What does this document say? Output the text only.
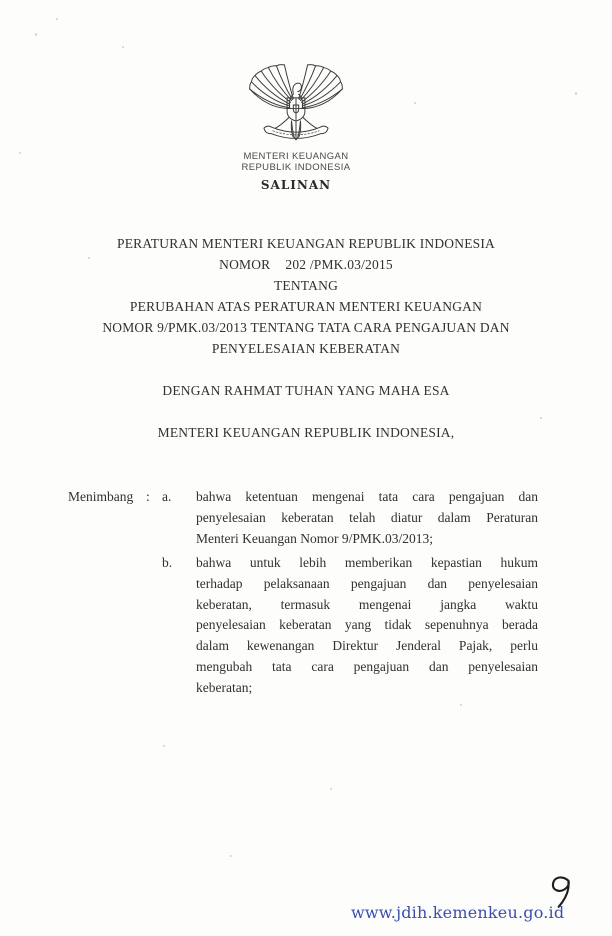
MENTERI KEUANGAN
REPUBLIK INDONESIA
SALINAN
PERATURAN MENTERI KEUANGAN REPUBLIK INDONESIA
NOMOR 202 /PMK.03/2015
TENTANG
PERUBAHAN ATAS PERATURAN MENTERI KEUANGAN
NOMOR 9/PMK.03/2013 TENTANG TATA CARA PENGAJUAN DAN
PENYELESAIAN KEBERATAN
DENGAN RAHMAT TUHAN YANG MAHA ESA
MENTERI KEUANGAN REPUBLIK INDONESIA,
Menimbang : a.	bahwa ketentuan mengenai tata cara pengajuan dan
penyelesaian keberatan telah diatur dalam Peraturan
Menteri Keuangan Nomor 9/PMK.03/2013;
b.	bahwa untuk lebih memberikan kepastian hukum
terhadap pelaksanaan pengajuan dan penyelesaian
keberatan, termasuk mengenai jangka waktu
penyelesaian keberatan yang tidak sepenuhnya berada
dalam kewenangan Direktur Jenderal Pajak, perlu
mengubah tata cara pengajuan dan penyelesaian
keberatan;
www.jdih.kemenkeu.go.id
